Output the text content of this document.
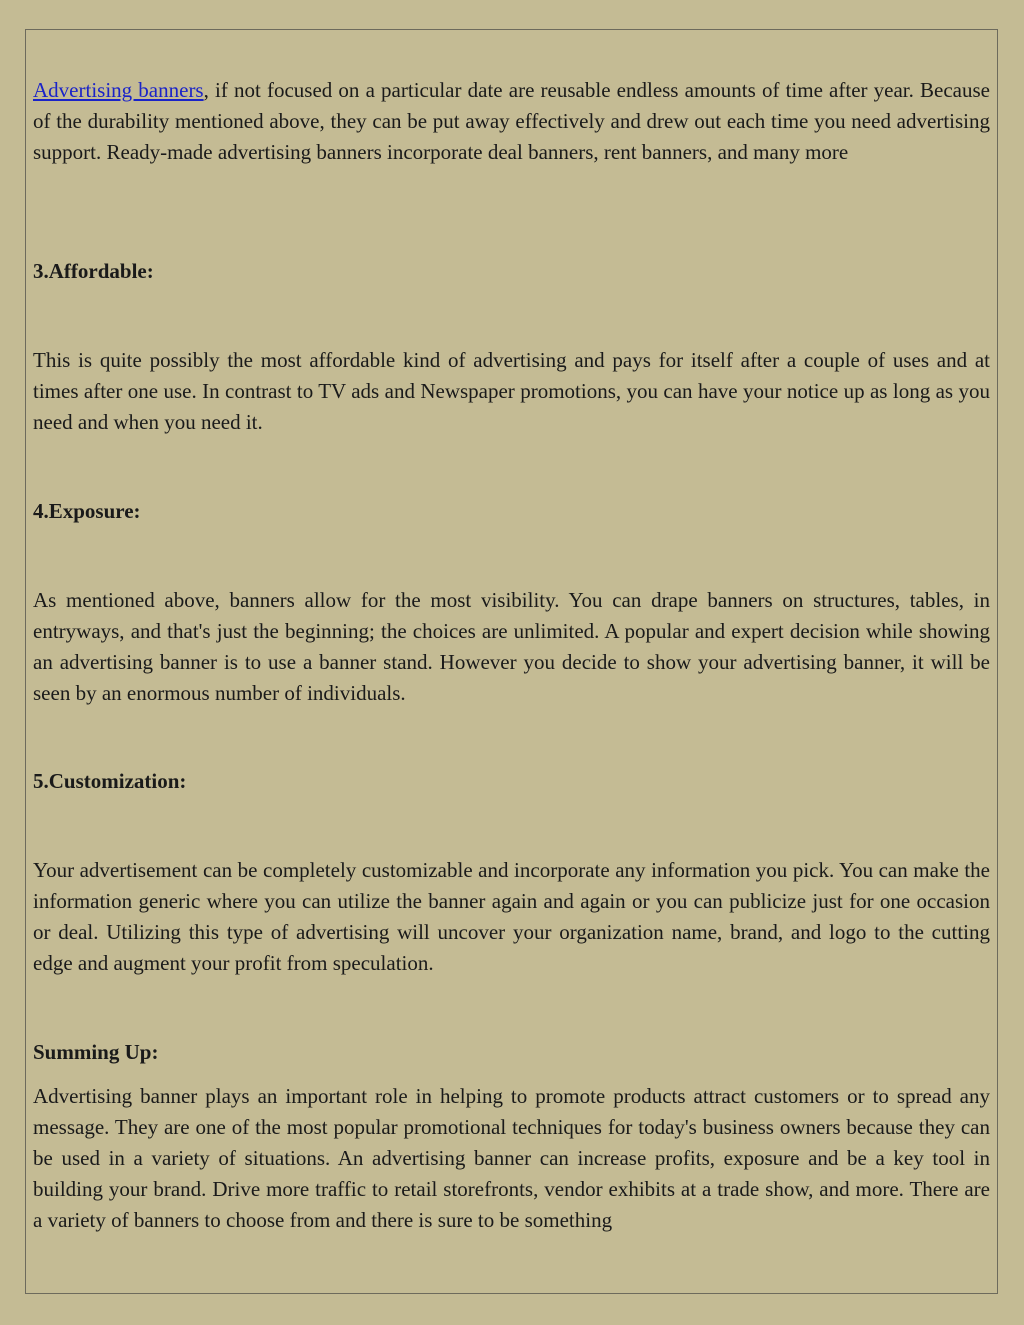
Advertising banners, if not focused on a particular date are reusable endless amounts of time after year. Because of the durability mentioned above, they can be put away effectively and drew out each time you need advertising support. Ready-made advertising banners incorporate deal banners, rent banners, and many more

3.Affordable:

This is quite possibly the most affordable kind of advertising and pays for itself after a couple of uses and at times after one use. In contrast to TV ads and Newspaper promotions, you can have your notice up as long as you need and when you need it.

4.Exposure:

As mentioned above, banners allow for the most visibility. You can drape banners on structures, tables, in entryways, and that's just the beginning; the choices are unlimited. A popular and expert decision while showing an advertising banner is to use a banner stand. However you decide to show your advertising banner, it will be seen by an enormous number of individuals.

5.Customization:

Your advertisement can be completely customizable and incorporate any information you pick. You can make the information generic where you can utilize the banner again and again or you can publicize just for one occasion or deal. Utilizing this type of advertising will uncover your organization name, brand, and logo to the cutting edge and augment your profit from speculation.

Summing Up:

Advertising banner plays an important role in helping to promote products attract customers or to spread any message. They are one of the most popular promotional techniques for today's business owners because they can be used in a variety of situations. An advertising banner can increase profits, exposure and be a key tool in building your brand. Drive more traffic to retail storefronts, vendor exhibits at a trade show, and more. There are a variety of banners to choose from and there is sure to be something
